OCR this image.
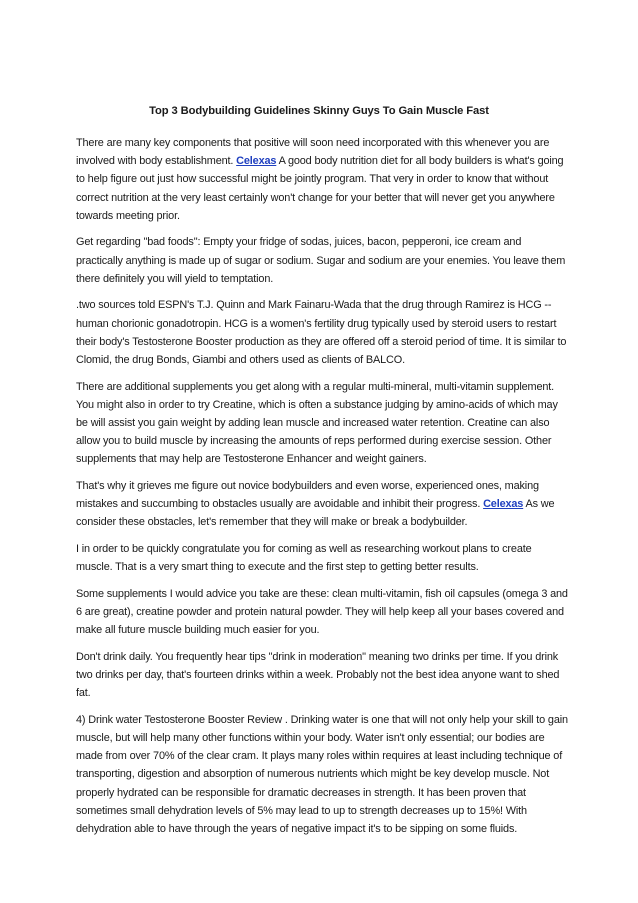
Top 3 Bodybuilding Guidelines Skinny Guys To Gain Muscle Fast

There are many key components that positive will soon need incorporated with this whenever you are involved with body establishment. Celexas A good body nutrition diet for all body builders is what's going to help figure out just how successful might be jointly program. That very in order to know that without correct nutrition at the very least certainly won't change for your better that will never get you anywhere towards meeting prior.

Get regarding "bad foods": Empty your fridge of sodas, juices, bacon, pepperoni, ice cream and practically anything is made up of sugar or sodium. Sugar and sodium are your enemies. You leave them there definitely you will yield to temptation.

.two sources told ESPN's T.J. Quinn and Mark Fainaru-Wada that the drug through Ramirez is HCG -- human chorionic gonadotropin. HCG is a women's fertility drug typically used by steroid users to restart their body's Testosterone Booster production as they are offered off a steroid period of time. It is similar to Clomid, the drug Bonds, Giambi and others used as clients of BALCO.

There are additional supplements you get along with a regular multi-mineral, multi-vitamin supplement. You might also in order to try Creatine, which is often a substance judging by amino-acids of which may be will assist you gain weight by adding lean muscle and increased water retention. Creatine can also allow you to build muscle by increasing the amounts of reps performed during exercise session. Other supplements that may help are Testosterone Enhancer and weight gainers.

That's why it grieves me figure out novice bodybuilders and even worse, experienced ones, making mistakes and succumbing to obstacles usually are avoidable and inhibit their progress. Celexas As we consider these obstacles, let's remember that they will make or break a bodybuilder.

I in order to be quickly congratulate you for coming as well as researching workout plans to create muscle. That is a very smart thing to execute and the first step to getting better results.

Some supplements I would advice you take are these: clean multi-vitamin, fish oil capsules (omega 3 and 6 are great), creatine powder and protein natural powder. They will help keep all your bases covered and make all future muscle building much easier for you.

Don't drink daily. You frequently hear tips "drink in moderation" meaning two drinks per time. If you drink two drinks per day, that's fourteen drinks within a week. Probably not the best idea anyone want to shed fat.

4) Drink water Testosterone Booster Review . Drinking water is one that will not only help your skill to gain muscle, but will help many other functions within your body. Water isn't only essential; our bodies are made from over 70% of the clear cram. It plays many roles within requires at least including technique of transporting, digestion and absorption of numerous nutrients which might be key develop muscle. Not properly hydrated can be responsible for dramatic decreases in strength. It has been proven that sometimes small dehydration levels of 5% may lead to up to strength decreases up to 15%! With dehydration able to have through the years of negative impact it's to be sipping on some fluids.
